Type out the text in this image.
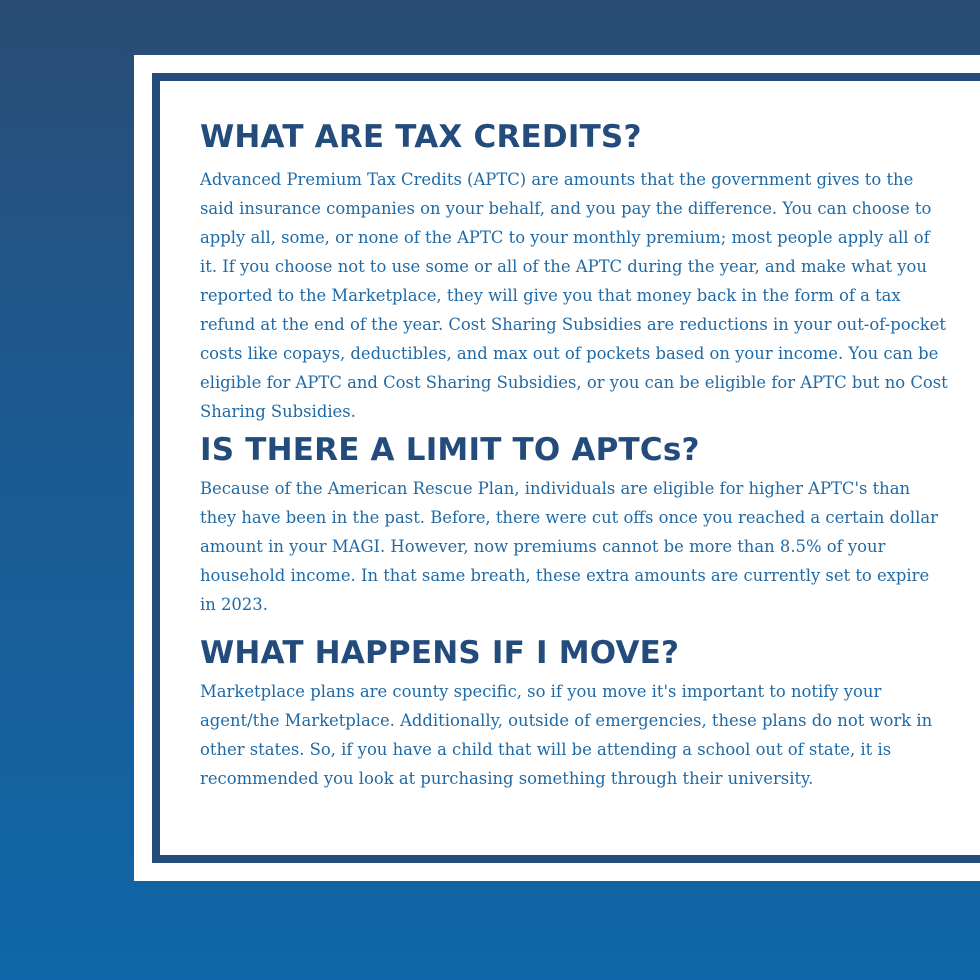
WHAT ARE TAX CREDITS?

Advanced Premium Tax Credits (APTC) are amounts that the government gives to the said insurance companies on your behalf, and you pay the difference. You can choose to apply all, some, or none of the APTC to your monthly premium; most people apply all of it. If you choose not to use some or all of the APTC during the year, and make what you reported to the Marketplace, they will give you that money back in the form of a tax refund at the end of the year. Cost Sharing Subsidies are reductions in your out-of-pocket costs like copays, deductibles, and max out of pockets based on your income. You can be eligible for APTC and Cost Sharing Subsidies, or you can be eligible for APTC but no Cost Sharing Subsidies.

IS THERE A LIMIT TO APTCs?

Because of the American Rescue Plan, individuals are eligible for higher APTC's than they have been in the past. Before, there were cut offs once you reached a certain dollar amount in your MAGI. However, now premiums cannot be more than 8.5% of your household income. In that same breath, these extra amounts are currently set to expire in 2023.

WHAT HAPPENS IF I MOVE?

Marketplace plans are county specific, so if you move it's important to notify your agent/the Marketplace. Additionally, outside of emergencies, these plans do not work in other states. So, if you have a child that will be attending a school out of state, it is recommended you look at purchasing something through their university.
